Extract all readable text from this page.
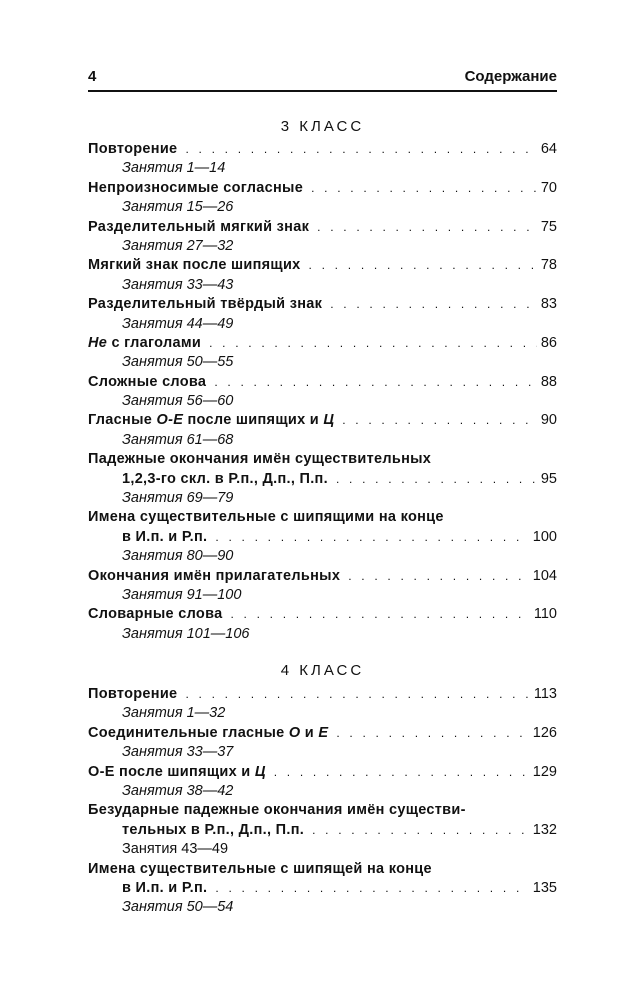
4	Содержание
3 КЛАСС
Повторение . . .	64
Занятия 1—14
Непроизносимые согласные . . .	70
Занятия 15—26
Разделительный мягкий знак . . .	75
Занятия 27—32
Мягкий знак после шипящих . . .	78
Занятия 33—43
Разделительный твёрдый знак . . .	83
Занятия 44—49
Не с глаголами . . .	86
Занятия 50—55
Сложные слова . . .	88
Занятия 56—60
Гласные О-Е после шипящих и Ц . . .	90
Занятия 61—68
Падежные окончания имён существительных
1,2,3-го скл. в Р.п., Д.п., П.п. . . .	95
Занятия 69—79
Имена существительные с шипящими на конце
в И.п. и Р.п. . . .	100
Занятия 80—90
Окончания имён прилагательных . . .	104
Занятия 91—100
Словарные слова . . .	110
Занятия 101—106
4 КЛАСС
Повторение . . .	113
Занятия 1—32
Соединительные гласные О и Е . . .	126
Занятия 33—37
О-Е после шипящих и Ц . . .	129
Занятия 38—42
Безударные падежные окончания имён существи-
тельных в Р.п., Д.п., П.п. . . .	132
Занятия 43—49
Имена существительные с шипящей на конце
в И.п. и Р.п. . . .	135
Занятия 50—54
